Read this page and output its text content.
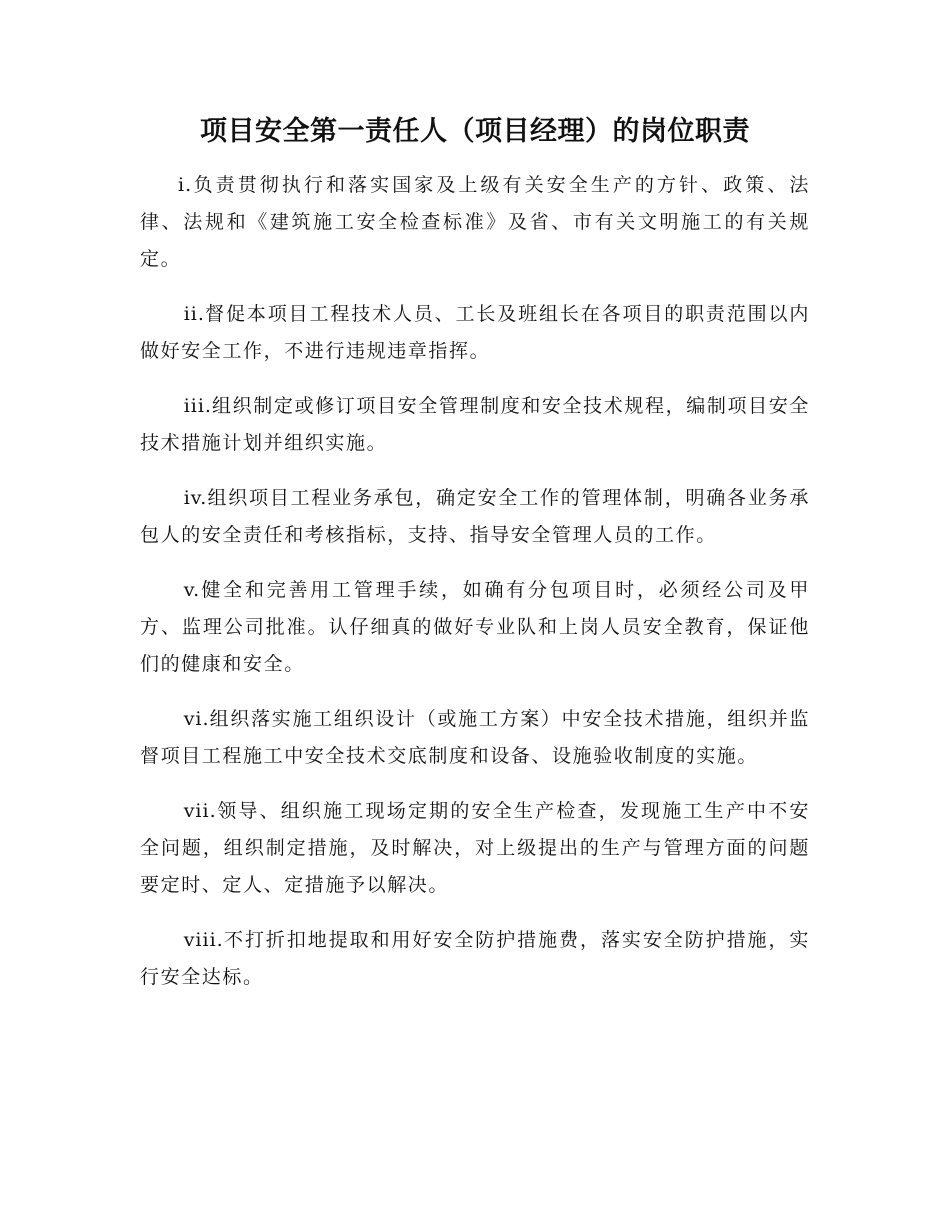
项目安全第一责任人（项目经理）的岗位职责

i.负责贯彻执行和落实国家及上级有关安全生产的方针、政策、法律、法规和《建筑施工安全检查标准》及省、市有关文明施工的有关规定。

ii.督促本项目工程技术人员、工长及班组长在各项目的职责范围以内做好安全工作，不进行违规违章指挥。

iii.组织制定或修订项目安全管理制度和安全技术规程，编制项目安全技术措施计划并组织实施。

iv.组织项目工程业务承包，确定安全工作的管理体制，明确各业务承包人的安全责任和考核指标，支持、指导安全管理人员的工作。

v.健全和完善用工管理手续，如确有分包项目时，必须经公司及甲方、监理公司批准。认仔细真的做好专业队和上岗人员安全教育，保证他们的健康和安全。

vi.组织落实施工组织设计（或施工方案）中安全技术措施，组织并监督项目工程施工中安全技术交底制度和设备、设施验收制度的实施。

vii.领导、组织施工现场定期的安全生产检查，发现施工生产中不安全问题，组织制定措施，及时解决，对上级提出的生产与管理方面的问题要定时、定人、定措施予以解决。

viii.不打折扣地提取和用好安全防护措施费，落实安全防护措施，实行安全达标。
